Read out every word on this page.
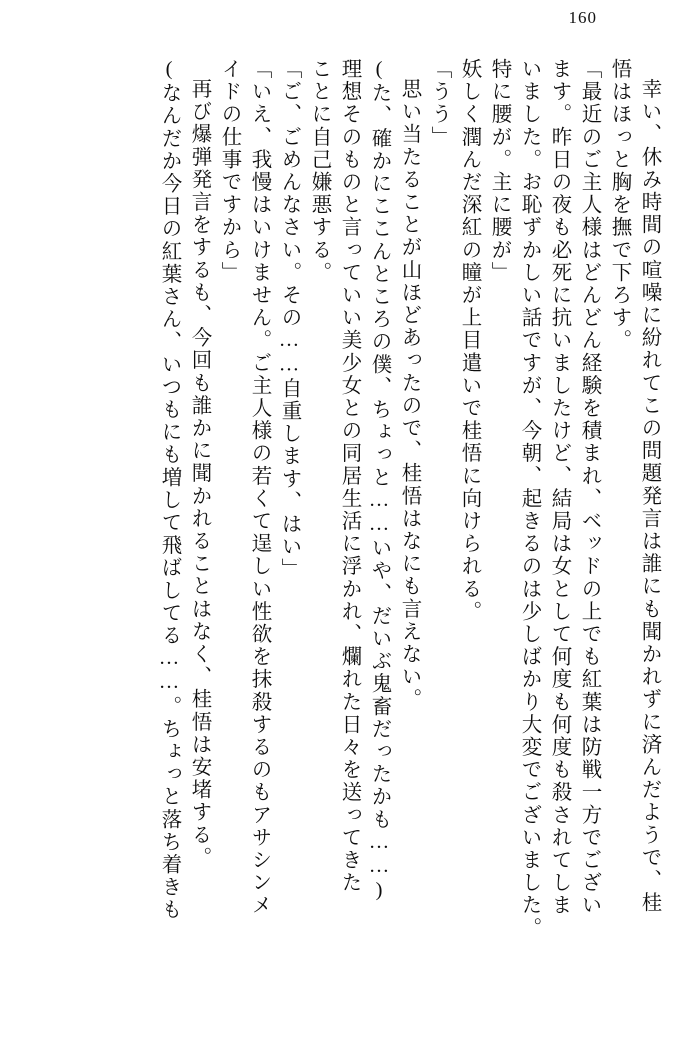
160
幸い、休み時間の喧噪に紛れてこの問題発言は誰にも聞かれずに済んだようで、桂
悟はほっと胸を撫で下ろす。
「最近のご主人様はどんどん経験を積まれ、ベッドの上でも紅葉は防戦一方でござい
ます。昨日の夜も必死に抗いましたけど、結局は女として何度も何度も殺されてしま
いました。お恥ずかしい話ですが、今朝、起きるのは少しばかり大変でございました。
特に腰が。主に腰が」
妖しく潤んだ深紅の瞳が上目遣いで桂悟に向けられる。
「うう」
思い当たることが山ほどあったので、桂悟はなにも言えない。
(た、確かにここんところの僕、ちょっと……いや、だいぶ鬼畜だったかも……)
理想そのものと言っていい美少女との同居生活に浮かれ、爛れた日々を送ってきた
ことに自己嫌悪する。
「ご、ごめんなさい。その……自重します、はい」
「いえ、我慢はいけません。ご主人様の若くて逞しい性欲を抹殺するのもアサシンメ
イドの仕事ですから」
再び爆弾発言をするも、今回も誰かに聞かれることはなく、桂悟は安堵する。
(なんだか今日の紅葉さん、いつもにも増して飛ばしてる……。ちょっと落ち着きも
